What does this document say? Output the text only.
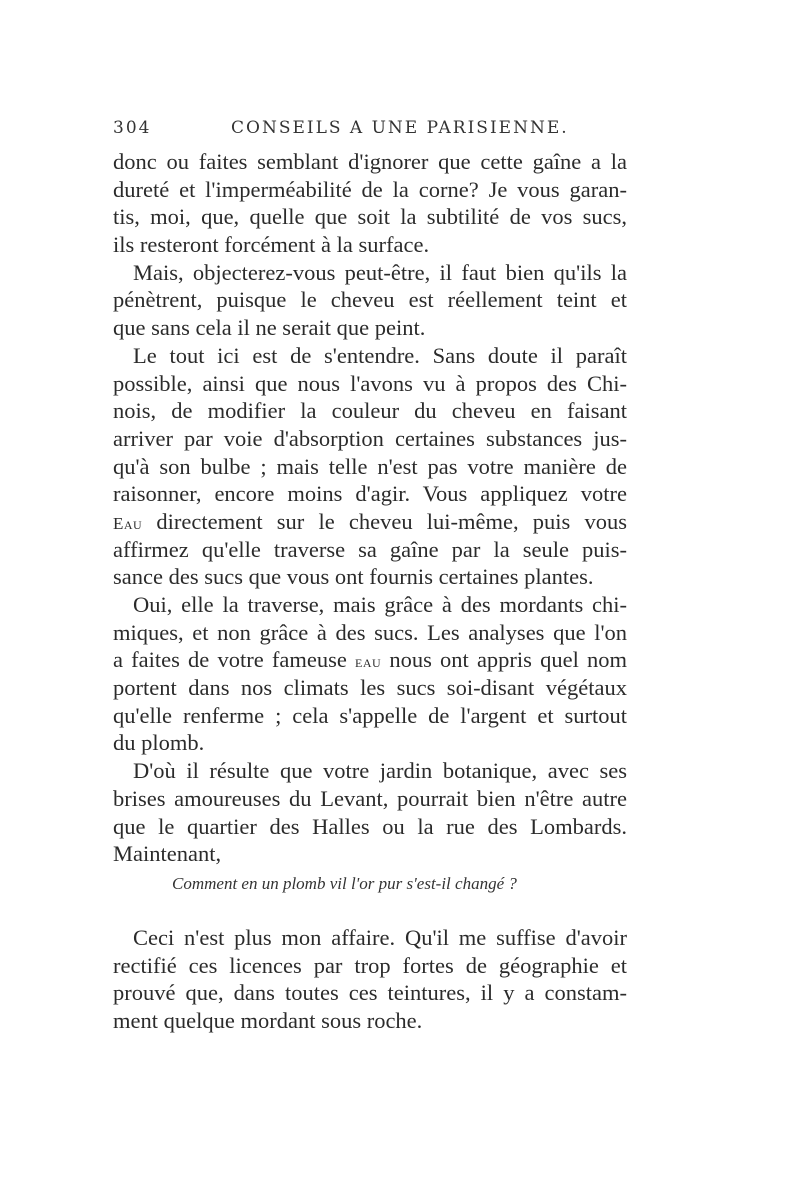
304	CONSEILS A UNE PARISIENNE.
donc ou faites semblant d'ignorer que cette gaîne a la
dureté et l'imperméabilité de la corne? Je vous garan-
tis, moi, que, quelle que soit la subtilité de vos sucs,
ils resteront forcément à la surface.
Mais, objecterez-vous peut-être, il faut bien qu'ils la
pénètrent, puisque le cheveu est réellement teint et
que sans cela il ne serait que peint.
Le tout ici est de s'entendre. Sans doute il paraît
possible, ainsi que nous l'avons vu à propos des Chi-
nois, de modifier la couleur du cheveu en faisant
arriver par voie d'absorption certaines substances jus-
qu'à son bulbe ; mais telle n'est pas votre manière de
raisonner, encore moins d'agir. Vous appliquez votre
Eau directement sur le cheveu lui-même, puis vous
affirmez qu'elle traverse sa gaîne par la seule puis-
sance des sucs que vous ont fournis certaines plantes.
Oui, elle la traverse, mais grâce à des mordants chi-
miques, et non grâce à des sucs. Les analyses que l'on
a faites de votre fameuse eau nous ont appris quel nom
portent dans nos climats les sucs soi-disant végétaux
qu'elle renferme ; cela s'appelle de l'argent et surtout
du plomb.
D'où il résulte que votre jardin botanique, avec ses
brises amoureuses du Levant, pourrait bien n'être autre
que le quartier des Halles ou la rue des Lombards.
Maintenant,
Comment en un plomb vil l'or pur s'est-il changé ?
Ceci n'est plus mon affaire. Qu'il me suffise d'avoir
rectifié ces licences par trop fortes de géographie et
prouvé que, dans toutes ces teintures, il y a constam-
ment quelque mordant sous roche.
